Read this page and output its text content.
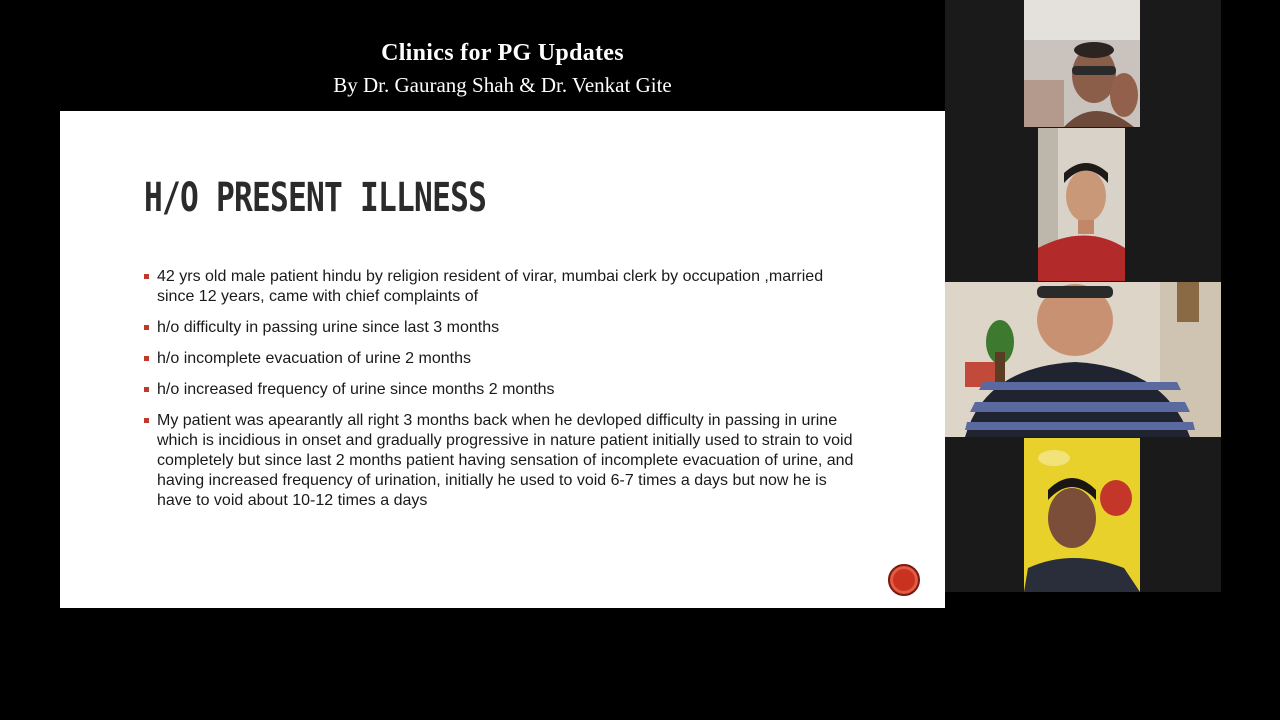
Clinics for PG Updates
By Dr. Gaurang Shah & Dr. Venkat Gite
H/O PRESENT ILLNESS
42 yrs old male patient hindu by religion resident of virar, mumbai clerk by occupation ,married since 12 years, came with chief complaints of
h/o difficulty in passing urine since last 3 months
h/o incomplete evacuation of urine 2 months
h/o increased frequency of urine since months 2 months
My patient was apearantly all right 3 months back when he devloped difficulty in passing in urine which is incidious in onset and gradually progressive in nature patient initially used to strain to void completely but since last 2 months patient having sensation of incomplete evacuation of urine, and having increased frequency of urination, initially he used to void 6-7 times a days but now he is have to void about 10-12 times a days
